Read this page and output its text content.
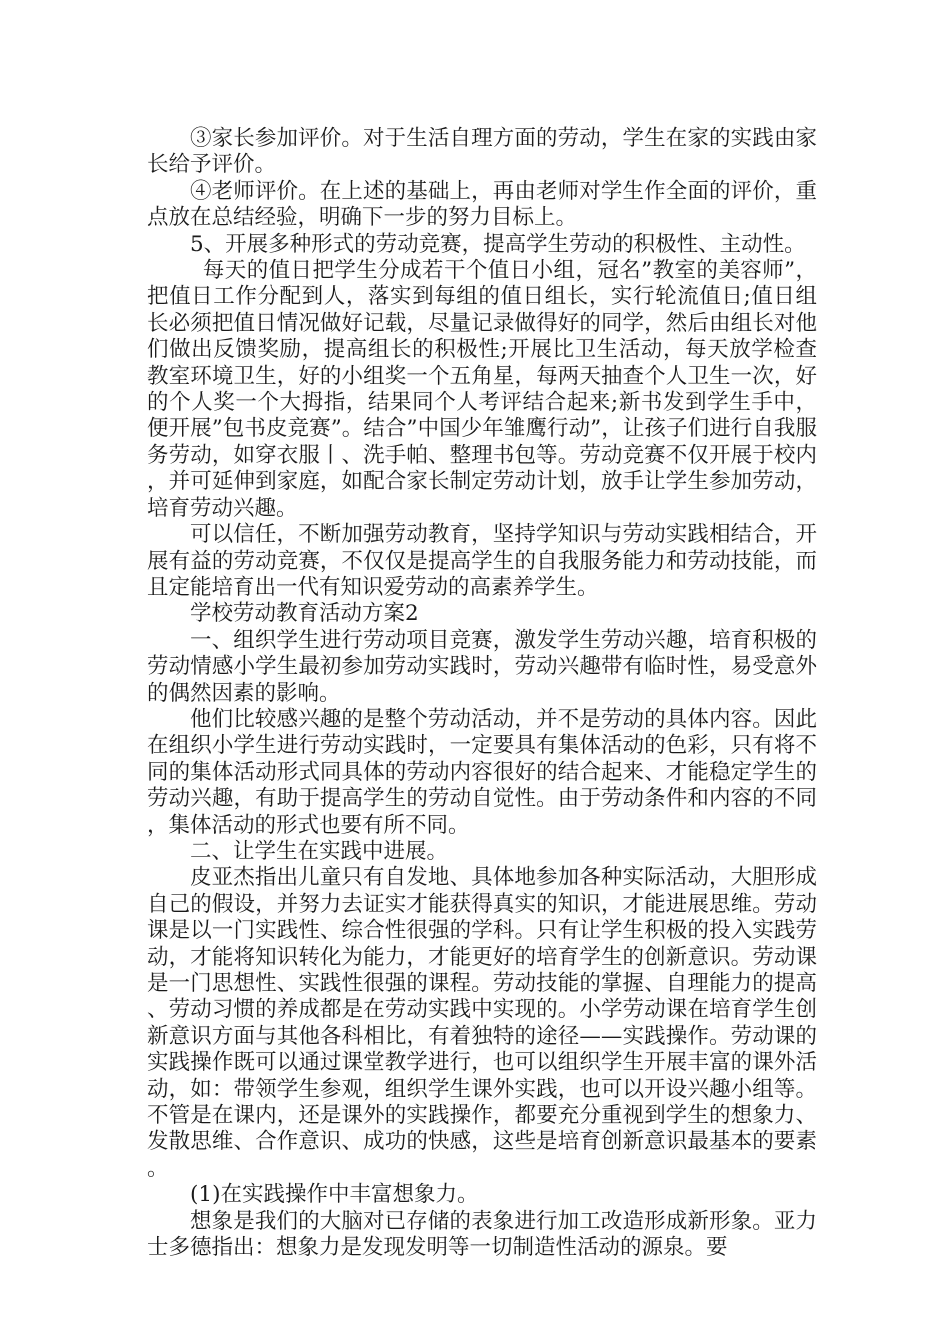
③家长参加评价。对于生活自理方面的劳动，学生在家的实践由家长给予评价。

④老师评价。在上述的基础上，再由老师对学生作全面的评价，重点放在总结经验，明确下一步的努力目标上。

5、开展多种形式的劳动竞赛，提高学生劳动的积极性、主动性。

每天的值日把学生分成若干个值日小组，冠名”教室的美容师”，把值日工作分配到人，落实到每组的值日组长，实行轮流值日;值日组长必须把值日情况做好记载，尽量记录做得好的同学，然后由组长对他们做出反馈奖励，提高组长的积极性;开展比卫生活动，每天放学检查教室环境卫生，好的小组奖一个五角星，每两天抽查个人卫生一次，好的个人奖一个大拇指，结果同个人考评结合起来;新书发到学生手中，便开展”包书皮竞赛”。结合”中国少年雏鹰行动”，让孩子们进行自我服务劳动，如穿衣服丨、洗手帕、整理书包等。劳动竞赛不仅开展于校内，并可延伸到家庭，如配合家长制定劳动计划，放手让学生参加劳动，培育劳动兴趣。

可以信任，不断加强劳动教育，坚持学知识与劳动实践相结合，开展有益的劳动竞赛，不仅仅是提高学生的自我服务能力和劳动技能，而且定能培育出一代有知识爱劳动的高素养学生。

学校劳动教育活动方案2

一、组织学生进行劳动项目竞赛，激发学生劳动兴趣，培育积极的劳动情感小学生最初参加劳动实践时，劳动兴趣带有临时性，易受意外的偶然因素的影响。

他们比较感兴趣的是整个劳动活动，并不是劳动的具体内容。因此在组织小学生进行劳动实践时，一定要具有集体活动的色彩，只有将不同的集体活动形式同具体的劳动内容很好的结合起来、才能稳定学生的劳动兴趣，有助于提高学生的劳动自觉性。由于劳动条件和内容的不同，集体活动的形式也要有所不同。

二、让学生在实践中进展。

皮亚杰指出儿童只有自发地、具体地参加各种实际活动，大胆形成自己的假设，并努力去证实才能获得真实的知识，才能进展思维。劳动课是以一门实践性、综合性很强的学科。只有让学生积极的投入实践劳动，才能将知识转化为能力，才能更好的培育学生的创新意识。劳动课是一门思想性、实践性很强的课程。劳动技能的掌握、自理能力的提高、劳动习惯的养成都是在劳动实践中实现的。小学劳动课在培育学生创新意识方面与其他各科相比，有着独特的途径——实践操作。劳动课的实践操作既可以通过课堂教学进行，也可以组织学生开展丰富的课外活动，如：带领学生参观，组织学生课外实践，也可以开设兴趣小组等。不管是在课内，还是课外的实践操作，都要充分重视到学生的想象力、发散思维、合作意识、成功的快感，这些是培育创新意识最基本的要素。

(1)在实践操作中丰富想象力。

想象是我们的大脑对已存储的表象进行加工改造形成新形象。亚力士多德指出：想象力是发现发明等一切制造性活动的源泉。要
